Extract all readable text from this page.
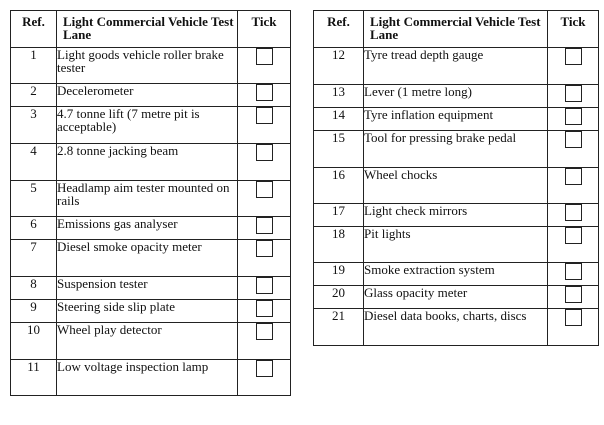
Ref.	Light Commercial Vehicle Test Lane	Tick
1	Light goods vehicle roller brake tester	
2	Decelerometer	
3	4.7 tonne lift (7 metre pit is acceptable)	
4	2.8 tonne jacking beam	
5	Headlamp aim tester mounted on rails	
6	Emissions gas analyser	
7	Diesel smoke opacity meter	
8	Suspension tester	
9	Steering side slip plate	
10	Wheel play detector	
11	Low voltage inspection lamp	
Ref.	Light Commercial Vehicle Test Lane	Tick
12	Tyre tread depth gauge	
13	Lever (1 metre long)	
14	Tyre inflation equipment	
15	Tool for pressing brake pedal	
16	Wheel chocks	
17	Light check mirrors	
18	Pit lights	
19	Smoke extraction system	
20	Glass opacity meter	
21	Diesel data books, charts, discs	
